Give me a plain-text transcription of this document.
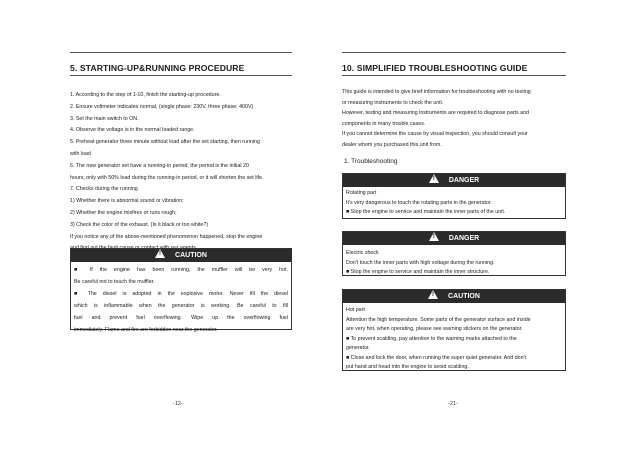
5. STARTING-UP&RUNNING PROCEDURE
1. According to the step of 1-10, finish the starting-up procedure.
2. Ensure voltmeter indicates normal, (single phase: 230V, three phase: 400V)
3. Set the main switch to ON.
4. Observe the voltage is in the normal loaded range.
5. Preheat generator three minute without load after the set starting, then running
with load
6. The new generator set have a running-in period, the period is the initial 20
hours, only with 50% load during the running-in period, or it will shorten the set life.
7. Checks during the running
1) Whether there is abnormal sound or vibration;
2) Whether the engine misfires or runs rough;
3) Check the color of the exhaust. (Is it black or too white?)
If you notice any of the above-mentioned phenomenon happened, stop the engine
! CAUTION
■ If the engine has been running, the muffler will be very hot.
Be careful not to touch the muffler.
■ The diesel is adopted in the explosive motor. Never fill the diesel
which is inflammable when the generator is working. Be careful to fill
fuel and prevent fuel overflowing. Wipe up the overflowing fuel
immediately. Flame and fire are forbidden near the generator.
-12-
10. SIMPLIFIED TROUBLESHOOTING GUIDE
This guide is intended to give brief information for troubleshooting with no testing
or measuring instruments to check the unit.
However, testing and measuring instruments are required to diagnose parts and
components in many trouble cases.
If you cannot determine the cause by visual inspection, you should consult your
dealer whom you purchased this unit from.
1. Troubleshooting
! DANGER
Rotating part
It's very dangerous to touch the rotating parts in the generator.
■ Stop the engine to service and maintain the inner parts of the unit.
! DANGER
Electric shock
Don't touch the inner parts with high voltage during the running.
■ Stop the engine to service and maintain the inner structure.
! CAUTION
Hot part
Attention the high temperature. Some parts of the generator surface and inside
are very hot, when operating, please see warning stickers on the generator.
■ To prevent scalding, pay attention to the warning marks attached to the
generator.
■ Close and lock the door, when running the super quiet generator. And don't
put hand and head into the engine to avoid scalding.
-21-
